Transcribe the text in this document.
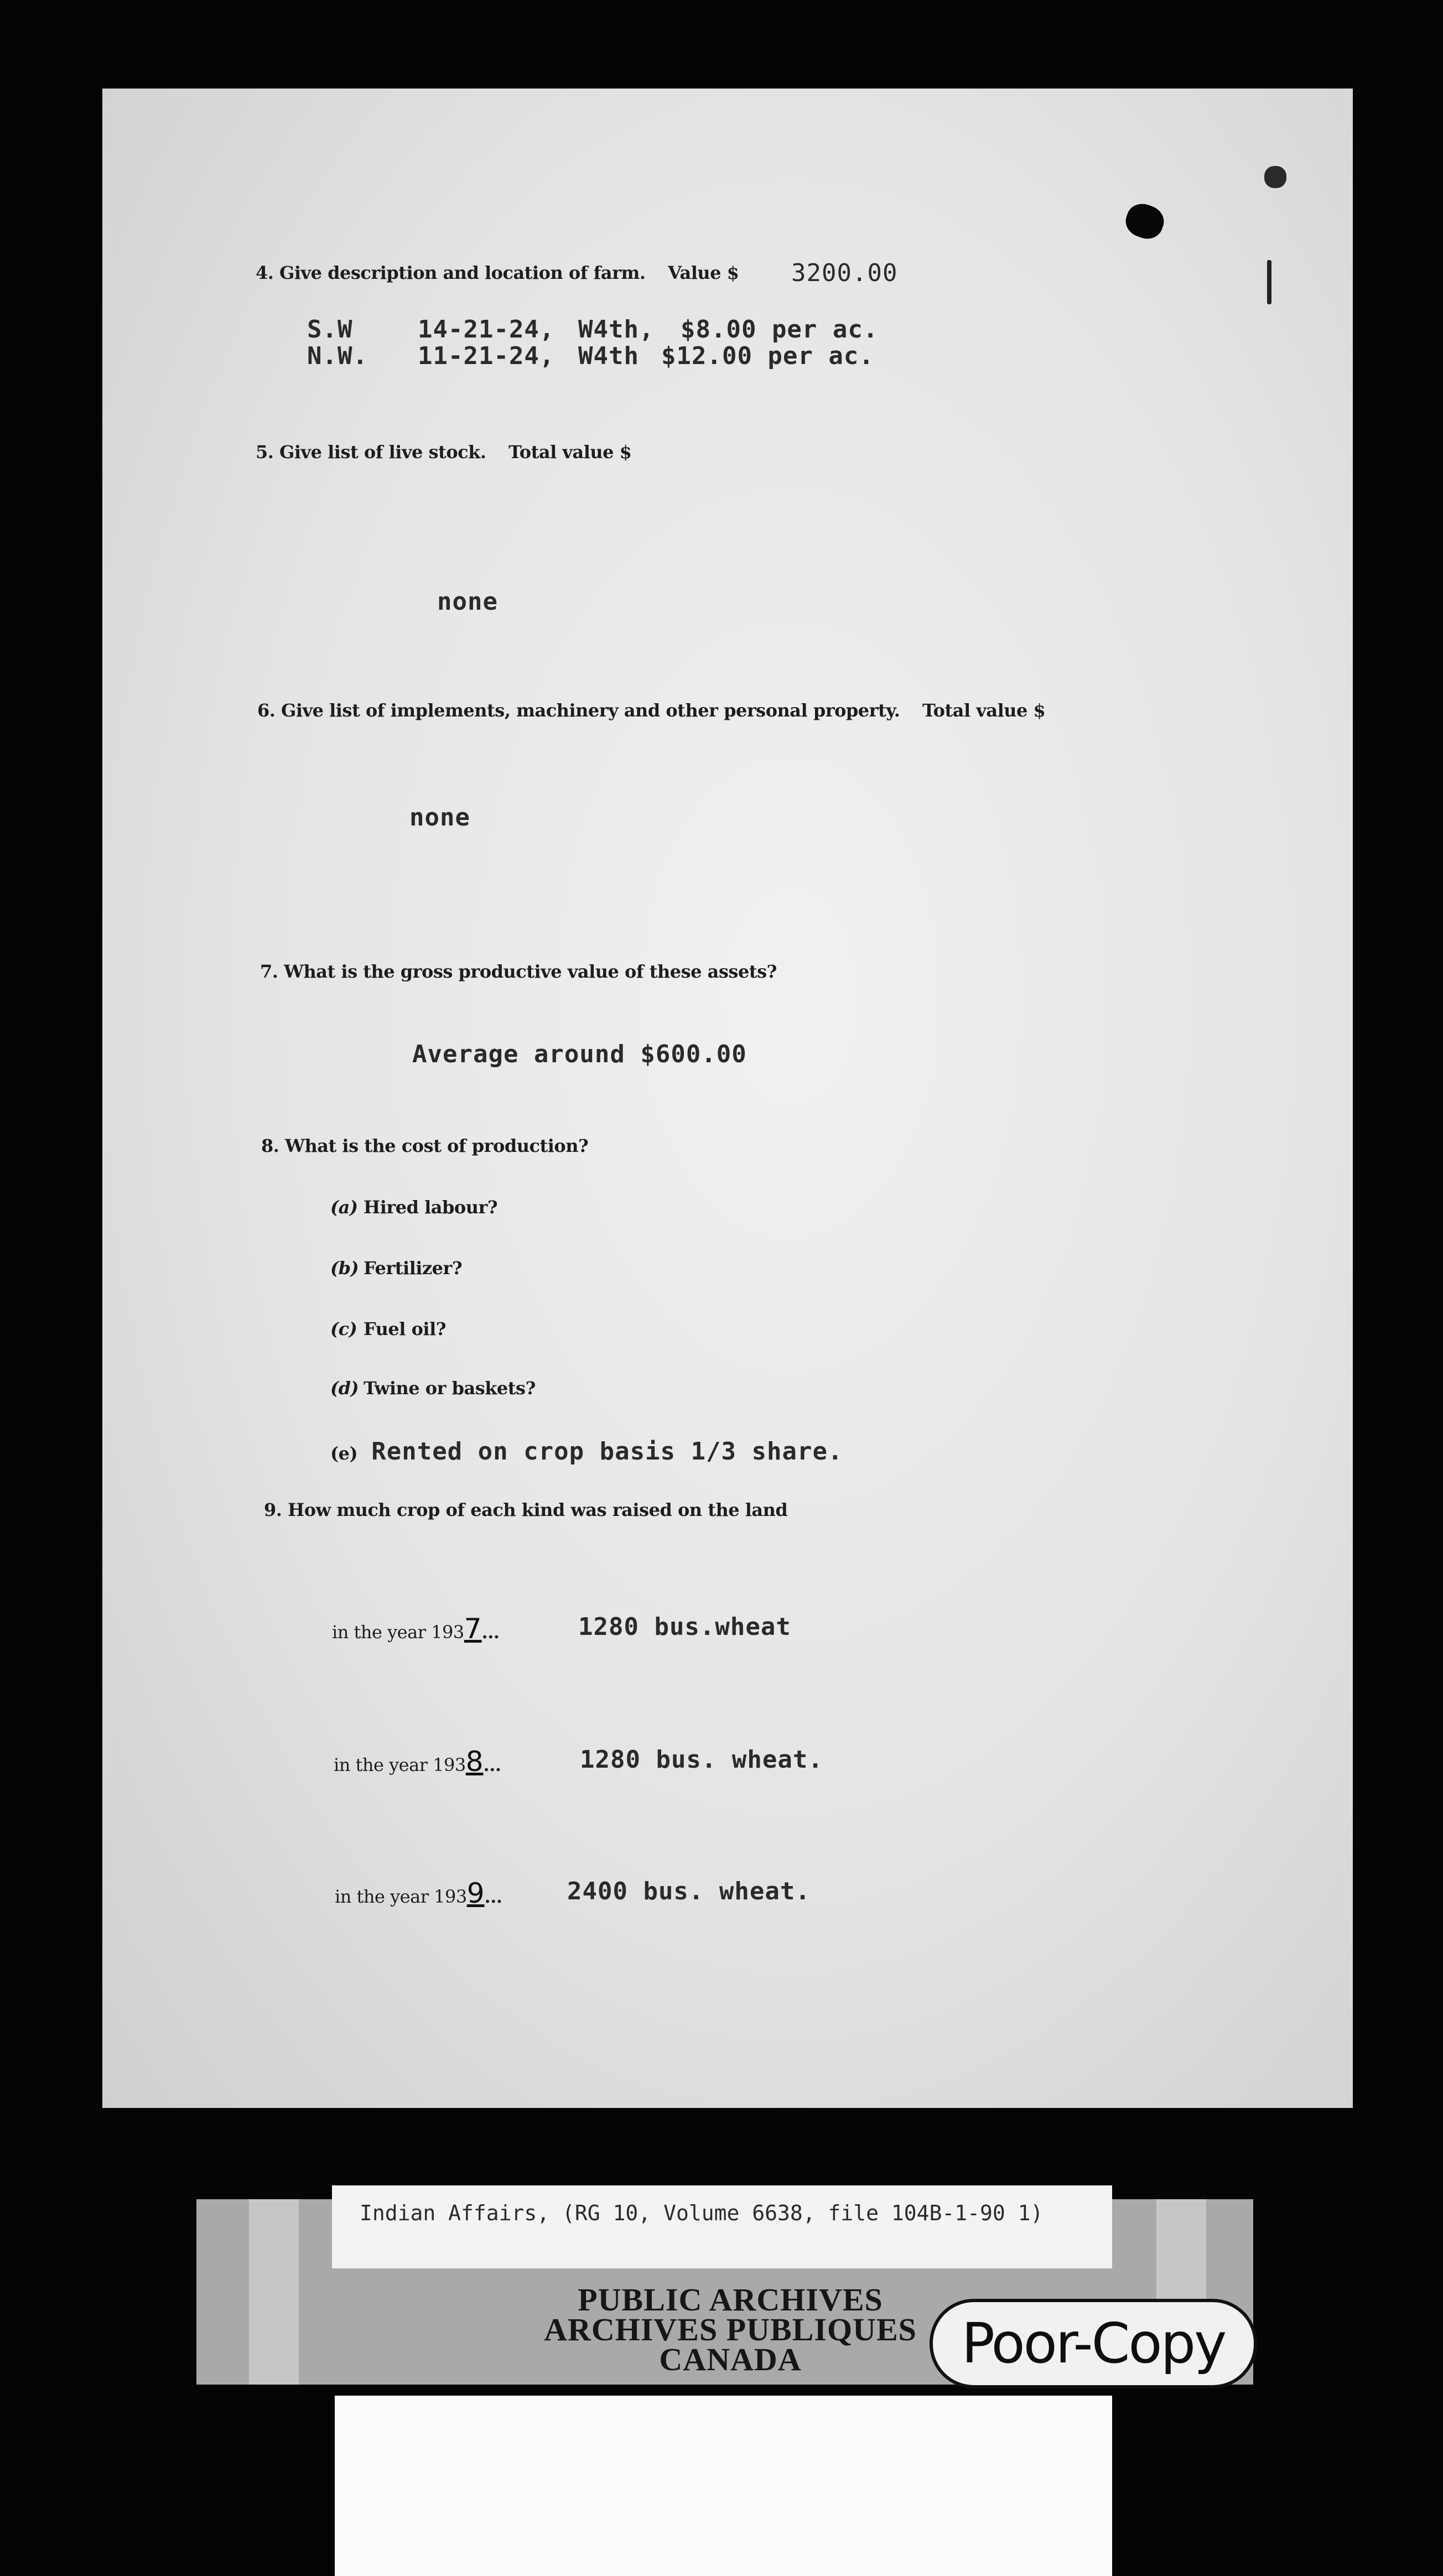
4. Give description and location of farm. Value $ 3200.00
S.W	14-21-24, W4th, $8.00 per ac.
N.W. 11-21-24, W4th $12.00 per ac.
5. Give list of live stock. Total value $
none
6. Give list of implements, machinery and other personal property. Total value $
none
7. What is the gross productive value of these assets?
Average around $600.00
8. What is the cost of production?
(a) Hired labour?
(b) Fertilizer?
(c) Fuel oil?
(d) Twine or baskets?
(e) Rented on crop basis 1/3 share.
9. How much crop of each kind was raised on the land
in the year 1937...	1280 bus.wheat
in the year 1938...	1280 bus. wheat.
in the year 1939...	2400 bus. wheat.
Indian Affairs, (RG 10, Volume 6638, file 104B-1-90 1)
PUBLIC ARCHIVES
ARCHIVES PUBLIQUES
CANADA	Poor-Copy
